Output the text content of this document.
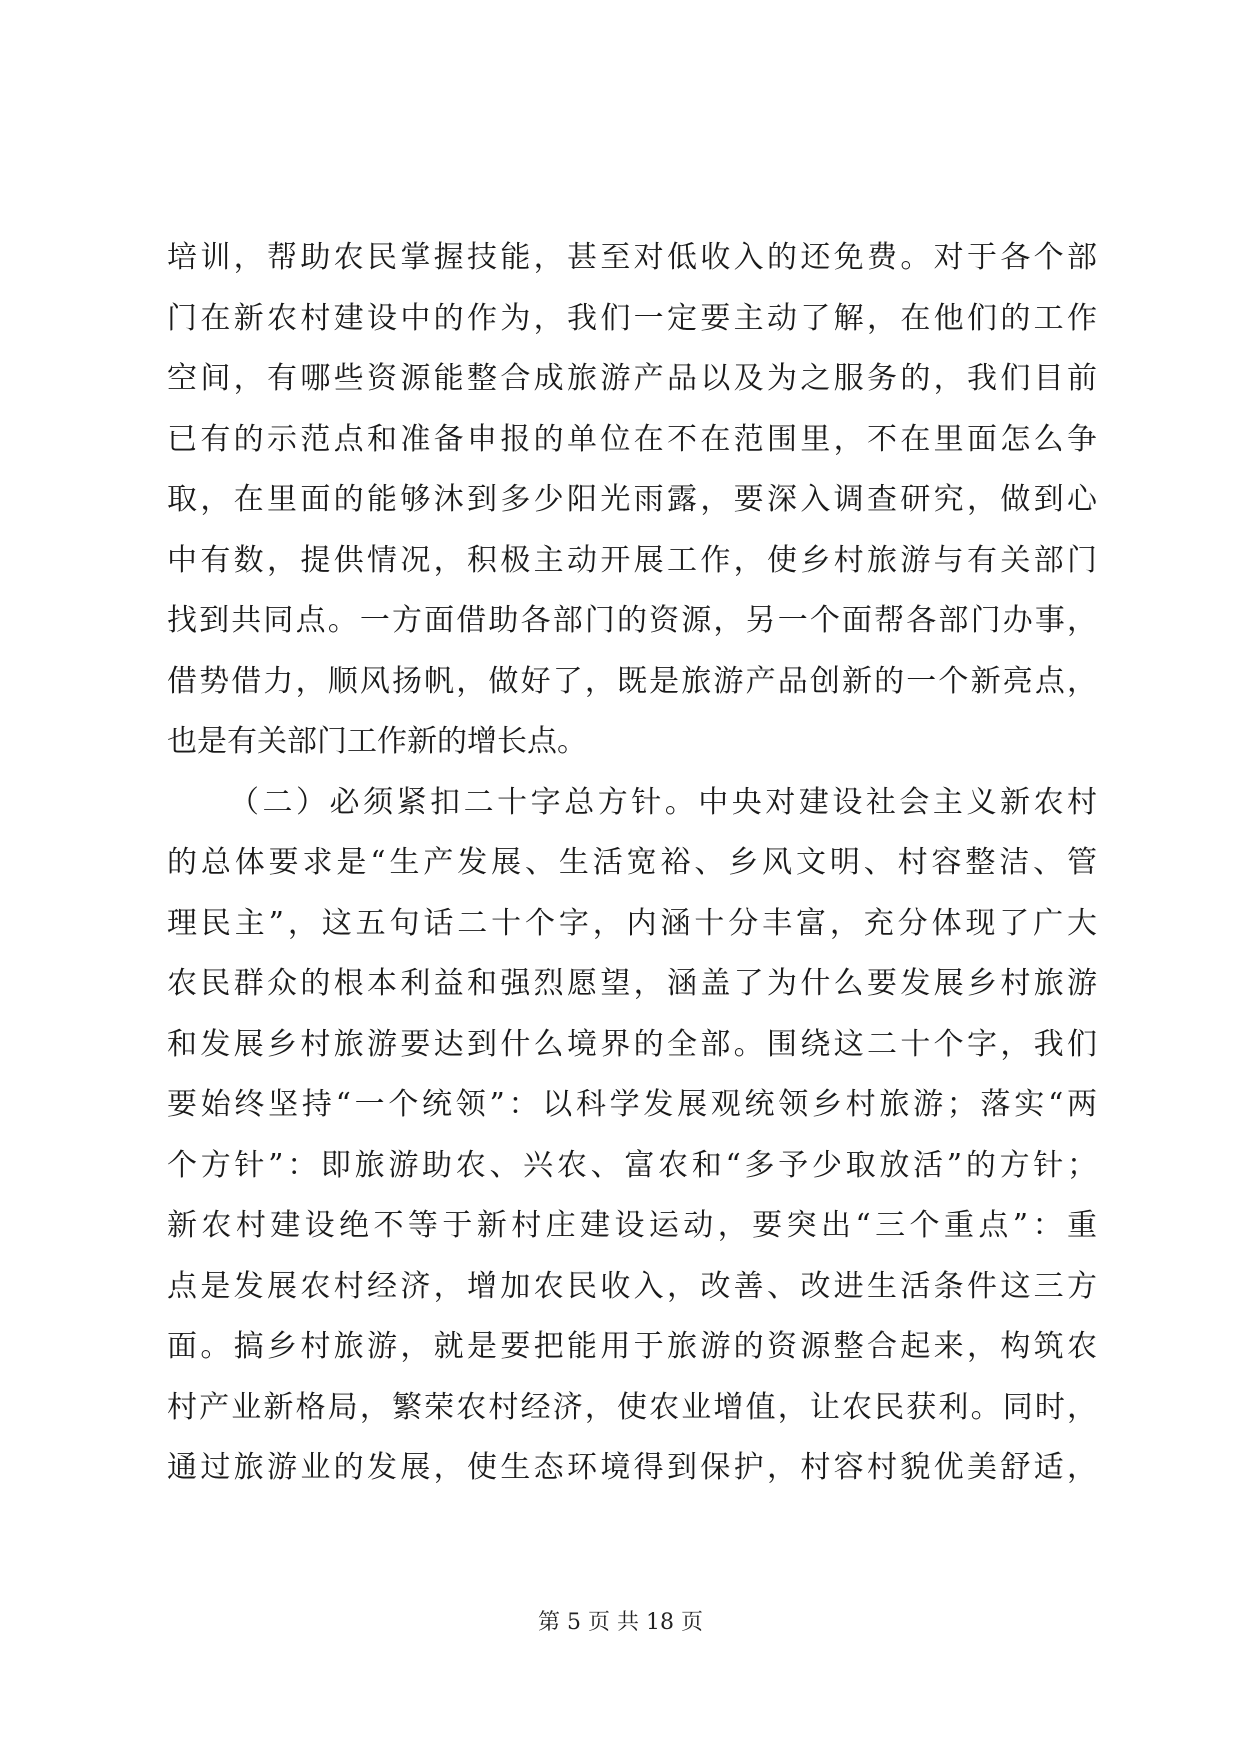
培训，帮助农民掌握技能，甚至对低收入的还免费。对于各个部
门在新农村建设中的作为，我们一定要主动了解，在他们的工作
空间，有哪些资源能整合成旅游产品以及为之服务的，我们目前
已有的示范点和准备申报的单位在不在范围里，不在里面怎么争
取，在里面的能够沐到多少阳光雨露，要深入调查研究，做到心
中有数，提供情况，积极主动开展工作，使乡村旅游与有关部门
找到共同点。一方面借助各部门的资源，另一个面帮各部门办事，
借势借力，顺风扬帆，做好了，既是旅游产品创新的一个新亮点，
也是有关部门工作新的增长点。
（二）必须紧扣二十字总方针。中央对建设社会主义新农村
的总体要求是“生产发展、生活宽裕、乡风文明、村容整洁、管
理民主”，这五句话二十个字，内涵十分丰富，充分体现了广大
农民群众的根本利益和强烈愿望，涵盖了为什么要发展乡村旅游
和发展乡村旅游要达到什么境界的全部。围绕这二十个字，我们
要始终坚持“一个统领”：以科学发展观统领乡村旅游；落实“两
个方针”：即旅游助农、兴农、富农和“多予少取放活”的方针；
新农村建设绝不等于新村庄建设运动，要突出“三个重点”：重
点是发展农村经济，增加农民收入，改善、改进生活条件这三方
面。搞乡村旅游，就是要把能用于旅游的资源整合起来，构筑农
村产业新格局，繁荣农村经济，使农业增值，让农民获利。同时，
通过旅游业的发展，使生态环境得到保护，村容村貌优美舒适，
第 5 页 共 18 页
